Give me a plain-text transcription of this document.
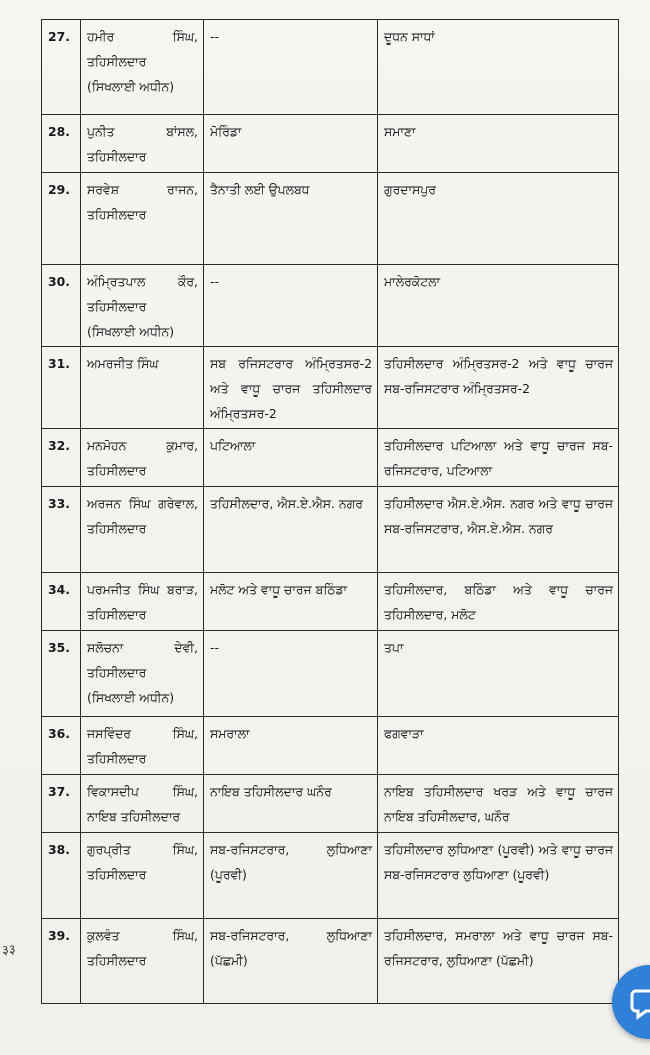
27.	ਹਮੀਰ ਸਿੰਘ, ਤਹਿਸੀਲਦਾਰ (ਸਿਖਲਾਈ ਅਧੀਨ)	--	ਦੂਧਨ ਸਾਧਾਂ
28.	ਪੁਨੀਤ ਬਾਂਸਲ, ਤਹਿਸੀਲਦਾਰ	ਮੋਰਿੰਡਾ	ਸਮਾਣਾ
29.	ਸਰਵੇਸ਼ ਰਾਜਨ, ਤਹਿਸੀਲਦਾਰ	ਤੈਨਾਤੀ ਲਈ ਉਪਲਬਧ	ਗੁਰਦਾਸਪੁਰ
30.	ਅੰਮ੍ਰਿਤਪਾਲ ਕੌਰ, ਤਹਿਸੀਲਦਾਰ (ਸਿਖਲਾਈ ਅਧੀਨ)	--	ਮਾਲੇਰਕੋਟਲਾ
31.	ਅਮਰਜੀਤ ਸਿੰਘ	ਸਬ ਰਜਿਸਟਰਾਰ ਅੰਮ੍ਰਿਤਸਰ-2 ਅਤੇ ਵਾਧੂ ਚਾਰਜ ਤਹਿਸੀਲਦਾਰ ਅੰਮ੍ਰਿਤਸਰ-2	ਤਹਿਸੀਲਦਾਰ ਅੰਮ੍ਰਿਤਸਰ-2 ਅਤੇ ਵਾਧੂ ਚਾਰਜ ਸਬ-ਰਜਿਸਟਰਾਰ ਅੰਮ੍ਰਿਤਸਰ-2
32.	ਮਨਮੋਹਨ ਕੁਮਾਰ, ਤਹਿਸੀਲਦਾਰ	ਪਟਿਆਲਾ	ਤਹਿਸੀਲਦਾਰ ਪਟਿਆਲਾ ਅਤੇ ਵਾਧੂ ਚਾਰਜ ਸਬ-ਰਜਿਸਟਰਾਰ, ਪਟਿਆਲਾ
33.	ਅਰਜਨ ਸਿੰਘ ਗਰੇਵਾਲ, ਤਹਿਸੀਲਦਾਰ	ਤਹਿਸੀਲਦਾਰ, ਐਸ.ਏ.ਐਸ. ਨਗਰ	ਤਹਿਸੀਲਦਾਰ ਐਸ.ਏ.ਐਸ. ਨਗਰ ਅਤੇ ਵਾਧੂ ਚਾਰਜ ਸਬ-ਰਜਿਸਟਰਾਰ, ਐਸ.ਏ.ਐਸ. ਨਗਰ
34.	ਪਰਮਜੀਤ ਸਿੰਘ ਬਰਾੜ, ਤਹਿਸੀਲਦਾਰ	ਮਲੋਟ ਅਤੇ ਵਾਧੂ ਚਾਰਜ ਬਠਿੰਡਾ	ਤਹਿਸੀਲਦਾਰ, ਬਠਿੰਡਾ ਅਤੇ ਵਾਧੂ ਚਾਰਜ ਤਹਿਸੀਲਦਾਰ, ਮਲੋਟ
35.	ਸਲੋਚਨਾ ਦੇਵੀ, ਤਹਿਸੀਲਦਾਰ (ਸਿਖਲਾਈ ਅਧੀਨ)	--	ਤਪਾ
36.	ਜਸਵਿੰਦਰ ਸਿੰਘ, ਤਹਿਸੀਲਦਾਰ	ਸਮਰਾਲਾ	ਫਗਵਾੜਾ
37.	ਵਿਕਾਸਦੀਪ ਸਿੰਘ, ਨਾਇਬ ਤਹਿਸੀਲਦਾਰ	ਨਾਇਬ ਤਹਿਸੀਲਦਾਰ ਘਨੌਰ	ਨਾਇਬ ਤਹਿਸੀਲਦਾਰ ਖਰੜ ਅਤੇ ਵਾਧੂ ਚਾਰਜ ਨਾਇਬ ਤਹਿਸੀਲਦਾਰ, ਘਨੌਰ
38.	ਗੁਰਪ੍ਰੀਤ ਸਿੰਘ, ਤਹਿਸੀਲਦਾਰ	ਸਬ-ਰਜਿਸਟਰਾਰ, ਲੁਧਿਆਣਾ (ਪੂਰਵੀ)	ਤਹਿਸੀਲਦਾਰ ਲੁਧਿਆਣਾ (ਪੂਰਵੀ) ਅਤੇ ਵਾਧੂ ਚਾਰਜ ਸਬ-ਰਜਿਸਟਰਾਰ ਲੁਧਿਆਣਾ (ਪੂਰਵੀ)
39.	ਕੁਲਵੰਤ ਸਿੰਘ, ਤਹਿਸੀਲਦਾਰ	ਸਬ-ਰਜਿਸਟਰਾਰ, ਲੁਧਿਆਣਾ (ਪੱਛਮੀ)	ਤਹਿਸੀਲਦਾਰ, ਸਮਰਾਲਾ ਅਤੇ ਵਾਧੂ ਚਾਰਜ ਸਬ-ਰਜਿਸਟਰਾਰ, ਲੁਧਿਆਣਾ (ਪੱਛਮੀ)
३३
